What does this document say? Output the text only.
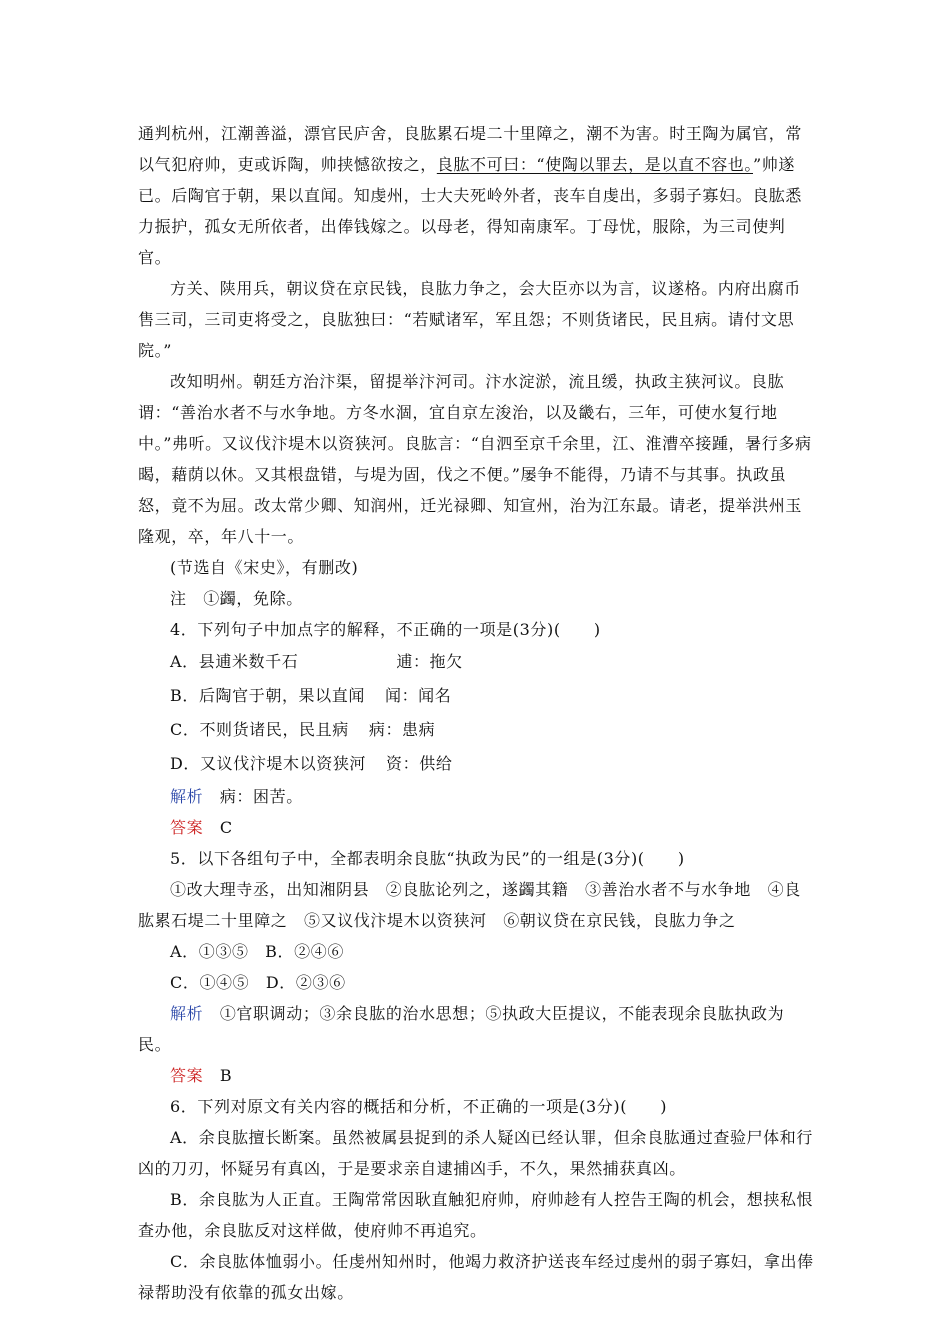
通判杭州，江潮善溢，漂官民庐舍，良肱累石堤二十里障之，潮不为害。时王陶为属官，常以气犯府帅，吏或诉陶，帅挟憾欲按之，良肱不可曰：“使陶以罪去，是以直不容也。”帅遂已。后陶官于朝，果以直闻。知虔州，士大夫死岭外者，丧车自虔出，多弱子寡妇。良肱悉力振护，孤女无所依者，出俸钱嫁之。以母老，得知南康军。丁母忧，服除，为三司使判官。

方关、陕用兵，朝议贷在京民钱，良肱力争之，会大臣亦以为言，议遂格。内府出腐币售三司，三司吏将受之，良肱独曰：“若赋诸军，军且怨；不则货诸民，民且病。请付文思院。”

改知明州。朝廷方治汴渠，留提举汴河司。汴水淀淤，流且缓，执政主狭河议。良肱谓：“善治水者不与水争地。方冬水涸，宜自京左浚治，以及畿右，三年，可使水复行地中。”弗听。又议伐汴堤木以资狭河。良肱言：“自泗至京千余里，江、淮漕卒接踵，暑行多病暍，藉荫以休。又其根盘错，与堤为固，伐之不便。”屡争不能得，乃请不与其事。执政虽怒，竟不为屈。改太常少卿、知润州，迁光禄卿、知宣州，治为江东最。请老，提举洪州玉隆观，卒，年八十一。

(节选自《宋史》，有删改)

注　①蠲，免除。

4．下列句子中加点字的解释，不正确的一项是(3分)(　　)

A．县逋米数千石	逋：拖欠

B．后陶官于朝，果以直闻 闻：闻名

C．不则货诸民，民且病 病：患病

D．又议伐汴堤木以资狭河 资：供给

解析　 病：困苦。

答案　 C

5．以下各组句子中，全都表明余良肱“执政为民”的一组是(3分)(　　)

①改大理寺丞，出知湘阴县　②良肱论列之，遂蠲其籍　③善治水者不与水争地　④良肱累石堤二十里障之　⑤又议伐汴堤木以资狭河　⑥朝议贷在京民钱，良肱力争之

A．①③⑤　B．②④⑥

C．①④⑤　D．②③⑥

解析　 ①官职调动；③余良肱的治水思想；⑤执政大臣提议，不能表现余良肱执政为民。

答案　 B

6．下列对原文有关内容的概括和分析，不正确的一项是(3分)(　　)

A．余良肱擅长断案。虽然被属县捉到的杀人疑凶已经认罪，但余良肱通过查验尸体和行凶的刀刃，怀疑另有真凶，于是要求亲自逮捕凶手，不久，果然捕获真凶。

B．余良肱为人正直。王陶常常因耿直触犯府帅，府帅趁有人控告王陶的机会，想挟私恨查办他，余良肱反对这样做，使府帅不再追究。

C．余良肱体恤弱小。任虔州知州时，他竭力救济护送丧车经过虔州的弱子寡妇，拿出俸禄帮助没有依靠的孤女出嫁。
